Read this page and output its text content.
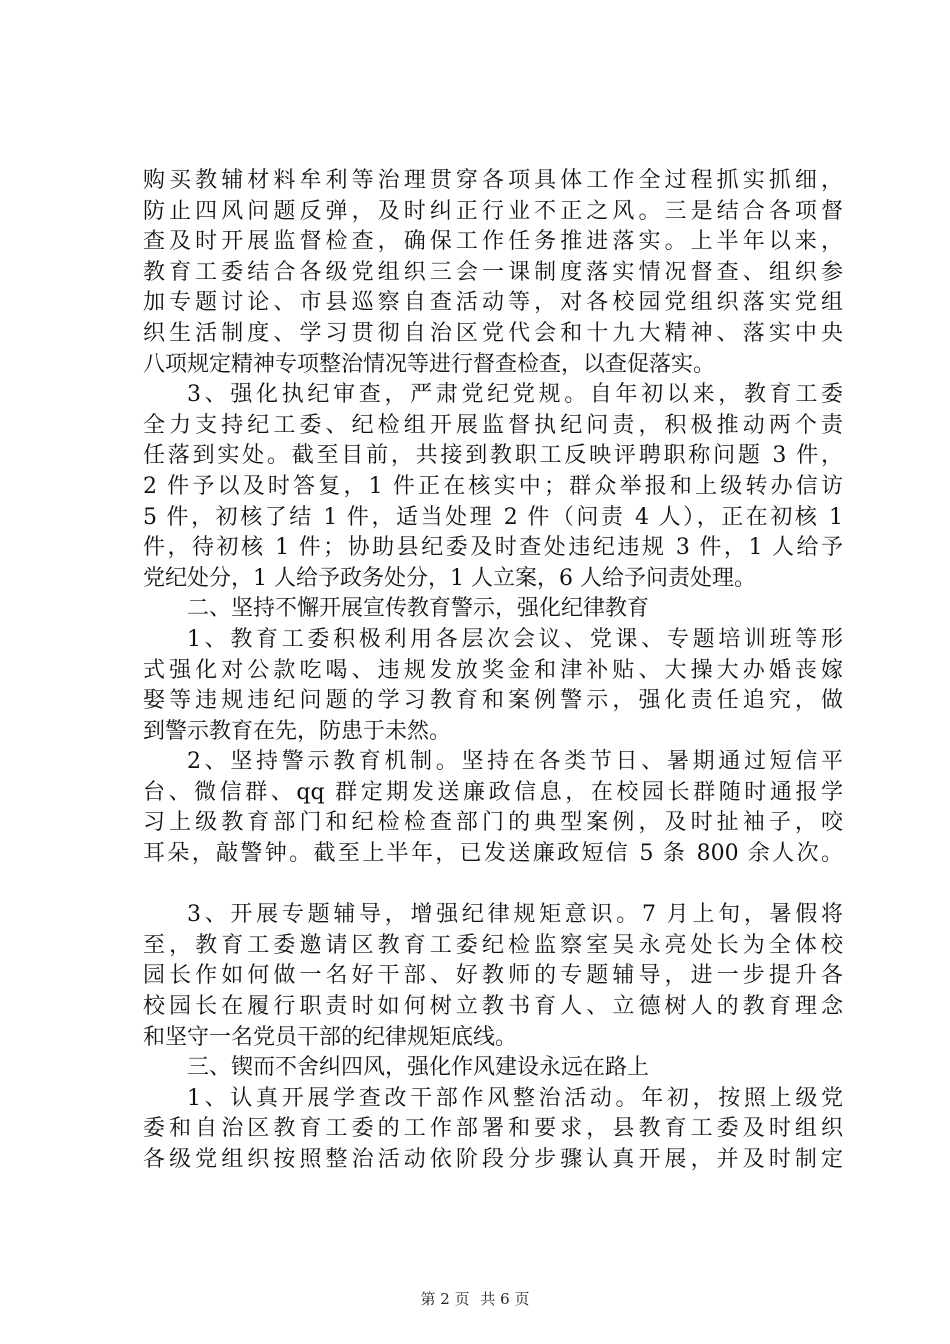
购买教辅材料牟利等治理贯穿各项具体工作全过程抓实抓细，
防止四风问题反弹，及时纠正行业不正之风。三是结合各项督
查及时开展监督检查，确保工作任务推进落实。上半年以来，
教育工委结合各级党组织三会一课制度落实情况督查、组织参
加专题讨论、市县巡察自查活动等，对各校园党组织落实党组
织生活制度、学习贯彻自治区党代会和十九大精神、落实中央
八项规定精神专项整治情况等进行督查检查，以查促落实。
3、强化执纪审查，严肃党纪党规。自年初以来，教育工委
全力支持纪工委、纪检组开展监督执纪问责，积极推动两个责
任落到实处。截至目前，共接到教职工反映评聘职称问题 3 件，
2 件予以及时答复，1 件正在核实中；群众举报和上级转办信访
5 件，初核了结 1 件，适当处理 2 件（问责 4 人），正在初核 1
件，待初核 1 件；协助县纪委及时查处违纪违规 3 件，1 人给予
党纪处分，1 人给予政务处分，1 人立案，6 人给予问责处理。
二、坚持不懈开展宣传教育警示，强化纪律教育
1、教育工委积极利用各层次会议、党课、专题培训班等形
式强化对公款吃喝、违规发放奖金和津补贴、大操大办婚丧嫁
娶等违规违纪问题的学习教育和案例警示，强化责任追究，做
到警示教育在先，防患于未然。
2、坚持警示教育机制。坚持在各类节日、暑期通过短信平
台、微信群、qq 群定期发送廉政信息，在校园长群随时通报学
习上级教育部门和纪检检查部门的典型案例，及时扯袖子，咬
耳朵，敲警钟。截至上半年，已发送廉政短信 5 条 800 余人次。
3、开展专题辅导，增强纪律规矩意识。7 月上旬，暑假将
至，教育工委邀请区教育工委纪检监察室吴永亮处长为全体校
园长作如何做一名好干部、好教师的专题辅导，进一步提升各
校园长在履行职责时如何树立教书育人、立德树人的教育理念
和坚守一名党员干部的纪律规矩底线。
三、锲而不舍纠四风，强化作风建设永远在路上
1、认真开展学查改干部作风整治活动。年初，按照上级党
委和自治区教育工委的工作部署和要求，县教育工委及时组织
各级党组织按照整治活动依阶段分步骤认真开展，并及时制定
第 2 页 共 6 页
